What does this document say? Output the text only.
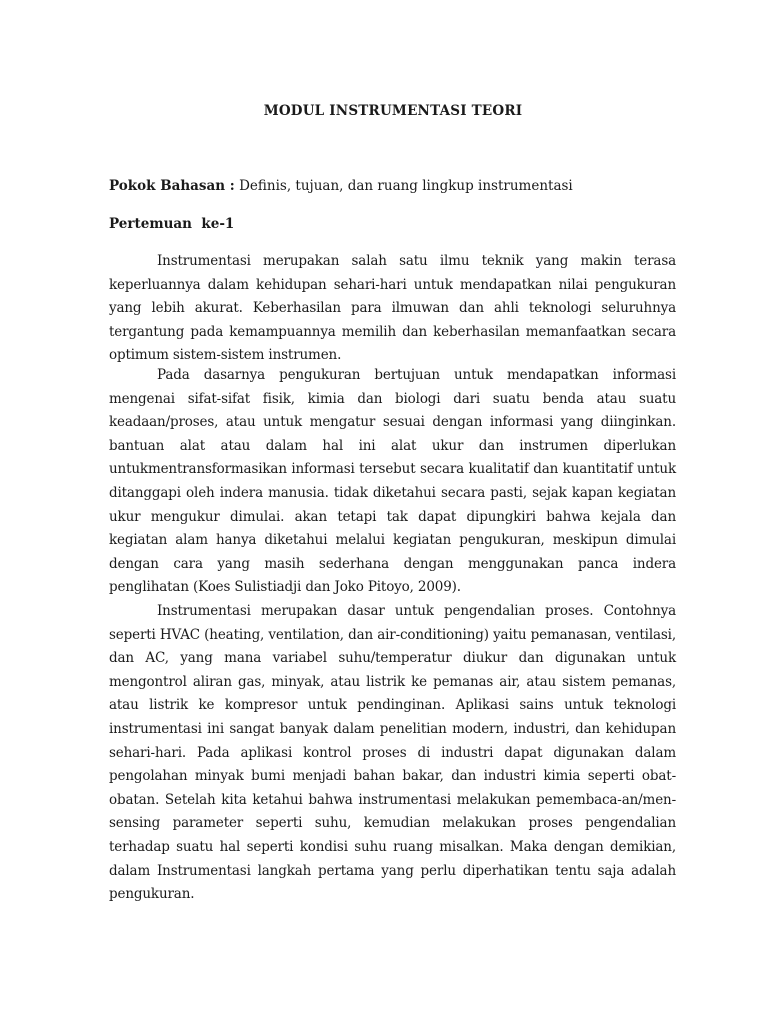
MODUL INSTRUMENTASI TEORI
Pokok Bahasan : Definis, tujuan, dan ruang lingkup instrumentasi
Pertemuan  ke-1

Instrumentasi merupakan salah satu ilmu teknik yang makin terasa keperluannya dalam kehidupan sehari-hari untuk mendapatkan nilai pengukuran yang lebih akurat. Keberhasilan para ilmuwan dan ahli teknologi seluruhnya tergantung pada kemampuannya memilih dan keberhasilan memanfaatkan secara optimum sistem-sistem instrumen.

Pada dasarnya pengukuran bertujuan untuk mendapatkan informasi mengenai sifat-sifat fisik, kimia dan biologi dari suatu benda atau suatu keadaan/proses, atau untuk mengatur sesuai dengan informasi yang diinginkan. bantuan alat atau dalam hal ini alat ukur dan instrumen diperlukan untukmentransformasikan informasi tersebut secara kualitatif dan kuantitatif untuk ditanggapi oleh indera manusia. tidak diketahui secara pasti, sejak kapan kegiatan ukur mengukur dimulai. akan tetapi tak dapat dipungkiri bahwa kejala dan kegiatan alam hanya diketahui melalui kegiatan pengukuran, meskipun dimulai dengan cara yang masih sederhana dengan menggunakan panca indera penglihatan (Koes Sulistiadji dan Joko Pitoyo, 2009).

Instrumentasi merupakan dasar untuk pengendalian proses. Contohnya seperti HVAC (heating, ventilation, dan air-conditioning) yaitu pemanasan, ventilasi, dan AC, yang mana variabel suhu/temperatur diukur dan digunakan untuk mengontrol aliran gas, minyak, atau listrik ke pemanas air, atau sistem pemanas, atau listrik ke kompresor untuk pendinginan. Aplikasi sains untuk teknologi instrumentasi ini sangat banyak dalam penelitian modern, industri, dan kehidupan sehari-hari. Pada aplikasi kontrol proses di industri dapat digunakan dalam pengolahan minyak bumi menjadi bahan bakar, dan industri kimia seperti obat-obatan. Setelah kita ketahui bahwa instrumentasi melakukan pemembaca-an/men-sensing parameter seperti suhu, kemudian melakukan proses pengendalian terhadap suatu hal seperti kondisi suhu ruang misalkan. Maka dengan demikian, dalam Instrumentasi langkah pertama yang perlu diperhatikan tentu saja adalah pengukuran.
